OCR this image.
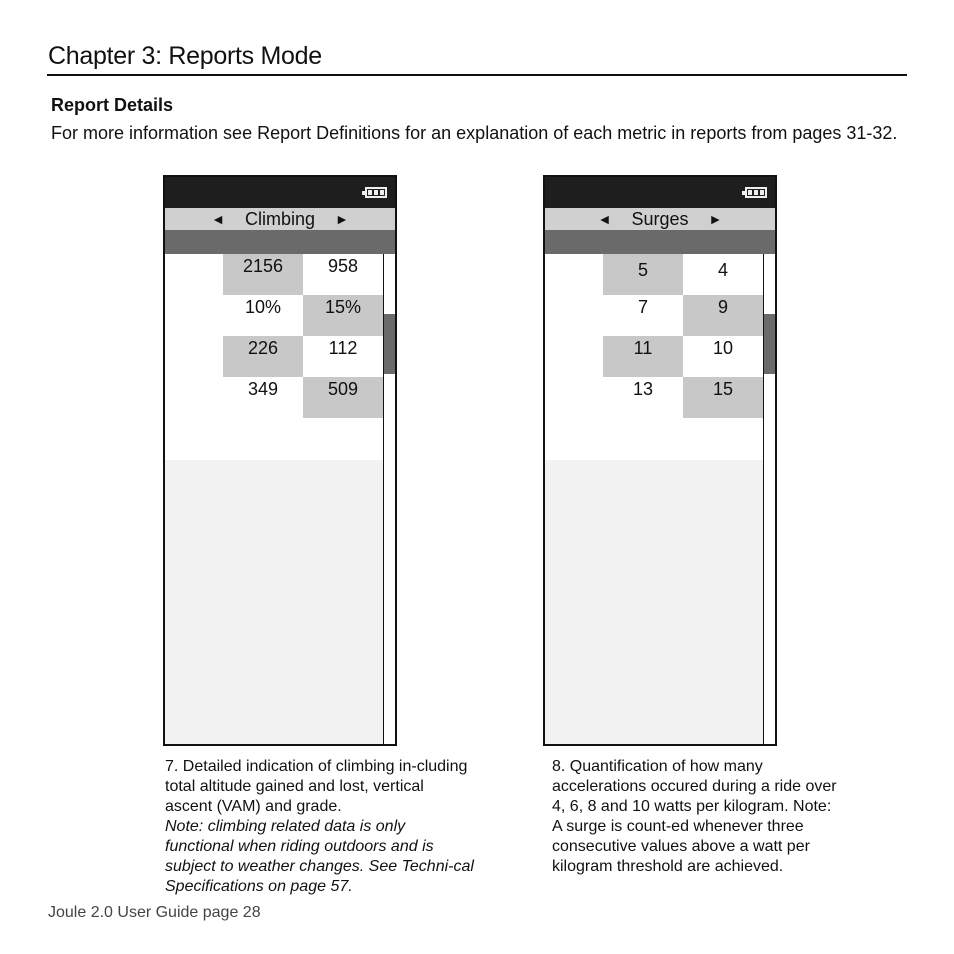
Chapter 3: Reports Mode
Report Details
For more information see Report Definitions for an explanation of each metric in reports from pages 31-32.
◄ Climbing ►
2156	958
10%	15%
226	112
349	509
◄ Surges ►
5	4
7	9
11	10
13	15

7. Detailed indication of climbing in-cluding total altitude gained and lost, vertical ascent (VAM) and grade.

Note: climbing related data is only functional when riding outdoors and is subject to weather changes. See Techni-cal Specifications on page 57.

8. Quantification of how many accelerations occured during a ride over 4, 6, 8 and 10 watts per kilogram. Note: A surge is count-ed whenever three consecutive values above a watt per kilogram threshold are achieved.

Joule 2.0 User Guide page 28
